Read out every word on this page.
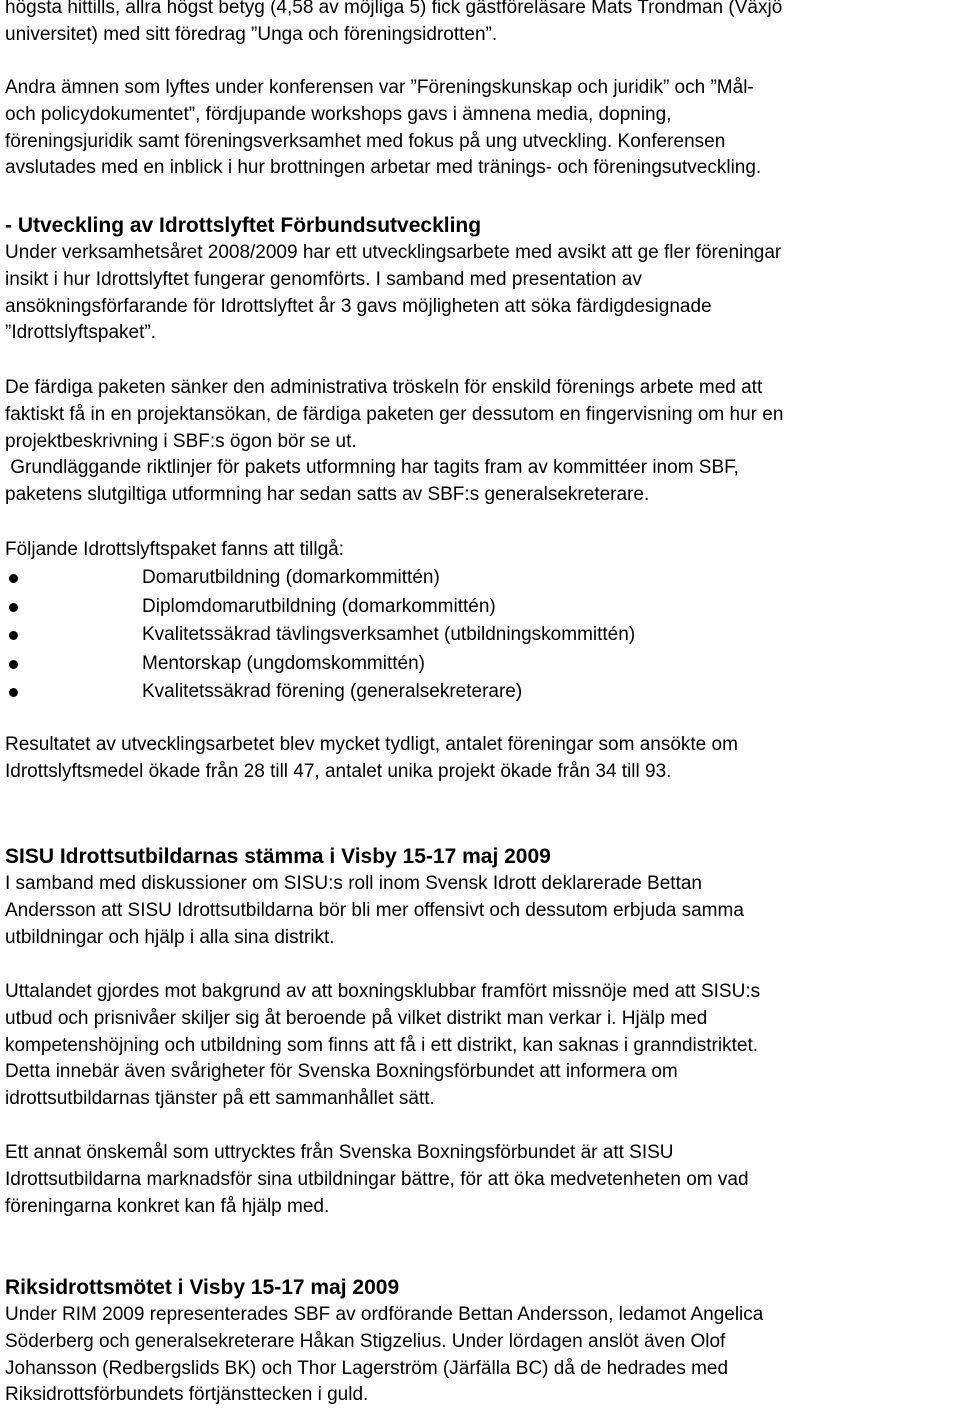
högsta hittills, allra högst betyg (4,58 av möjliga 5) fick gästföreläsare Mats Trondman (Växjö
universitet) med sitt föredrag ”Unga och föreningsidrotten”.
Andra ämnen som lyftes under konferensen var ”Föreningskunskap och juridik” och ”Mål-
och policydokumentet”, fördjupande workshops gavs i ämnena media, dopning,
föreningsjuridik samt föreningsverksamhet med fokus på ung utveckling. Konferensen
avslutades med en inblick i hur brottningen arbetar med tränings- och föreningsutveckling.
- Utveckling av Idrottslyftet Förbundsutveckling
Under verksamhetsåret 2008/2009 har ett utvecklingsarbete med avsikt att ge fler föreningar
insikt i hur Idrottslyftet fungerar genomförts. I samband med presentation av
ansökningsförfarande för Idrottslyftet år 3 gavs möjligheten att söka färdigdesignade
”Idrottslyftspaket”.
De färdiga paketen sänker den administrativa tröskeln för enskild förenings arbete med att
faktiskt få in en projektansökan, de färdiga paketen ger dessutom en fingervisning om hur en
projektbeskrivning i SBF:s ögon bör se ut.
Grundläggande riktlinjer för pakets utformning har tagits fram av kommittéer inom SBF,
paketens slutgiltiga utformning har sedan satts av SBF:s generalsekreterare.
Följande Idrottslyftspaket fanns att tillgå:
Domarutbildning (domarkommittén)
Diplomdomarutbildning (domarkommittén)
Kvalitetssäkrad tävlingsverksamhet (utbildningskommittén)
Mentorskap (ungdomskommittén)
Kvalitetssäkrad förening (generalsekreterare)
Resultatet av utvecklingsarbetet blev mycket tydligt, antalet föreningar som ansökte om
Idrottslyftsmedel ökade från 28 till 47, antalet unika projekt ökade från 34 till 93.
SISU Idrottsutbildarnas stämma i Visby 15-17 maj 2009
I samband med diskussioner om SISU:s roll inom Svensk Idrott deklarerade Bettan
Andersson att SISU Idrottsutbildarna bör bli mer offensivt och dessutom erbjuda samma
utbildningar och hjälp i alla sina distrikt.
Uttalandet gjordes mot bakgrund av att boxningsklubbar framfört missnöje med att SISU:s
utbud och prisnivåer skiljer sig åt beroende på vilket distrikt man verkar i. Hjälp med
kompetenshöjning och utbildning som finns att få i ett distrikt, kan saknas i granndistriktet.
Detta innebär även svårigheter för Svenska Boxningsförbundet att informera om
idrottsutbildarnas tjänster på ett sammanhållet sätt.
Ett annat önskemål som uttrycktes från Svenska Boxningsförbundet är att SISU
Idrottsutbildarna marknadsför sina utbildningar bättre, för att öka medvetenheten om vad
föreningarna konkret kan få hjälp med.
Riksidrottsmötet i Visby 15-17 maj 2009
Under RIM 2009 representerades SBF av ordförande Bettan Andersson, ledamot Angelica
Söderberg och generalsekreterare Håkan Stigzelius. Under lördagen anslöt även Olof
Johansson (Redbergslids BK) och Thor Lagerström (Järfälla BC) då de hedrades med
Riksidrottsförbundets förtjänsttecken i guld.
